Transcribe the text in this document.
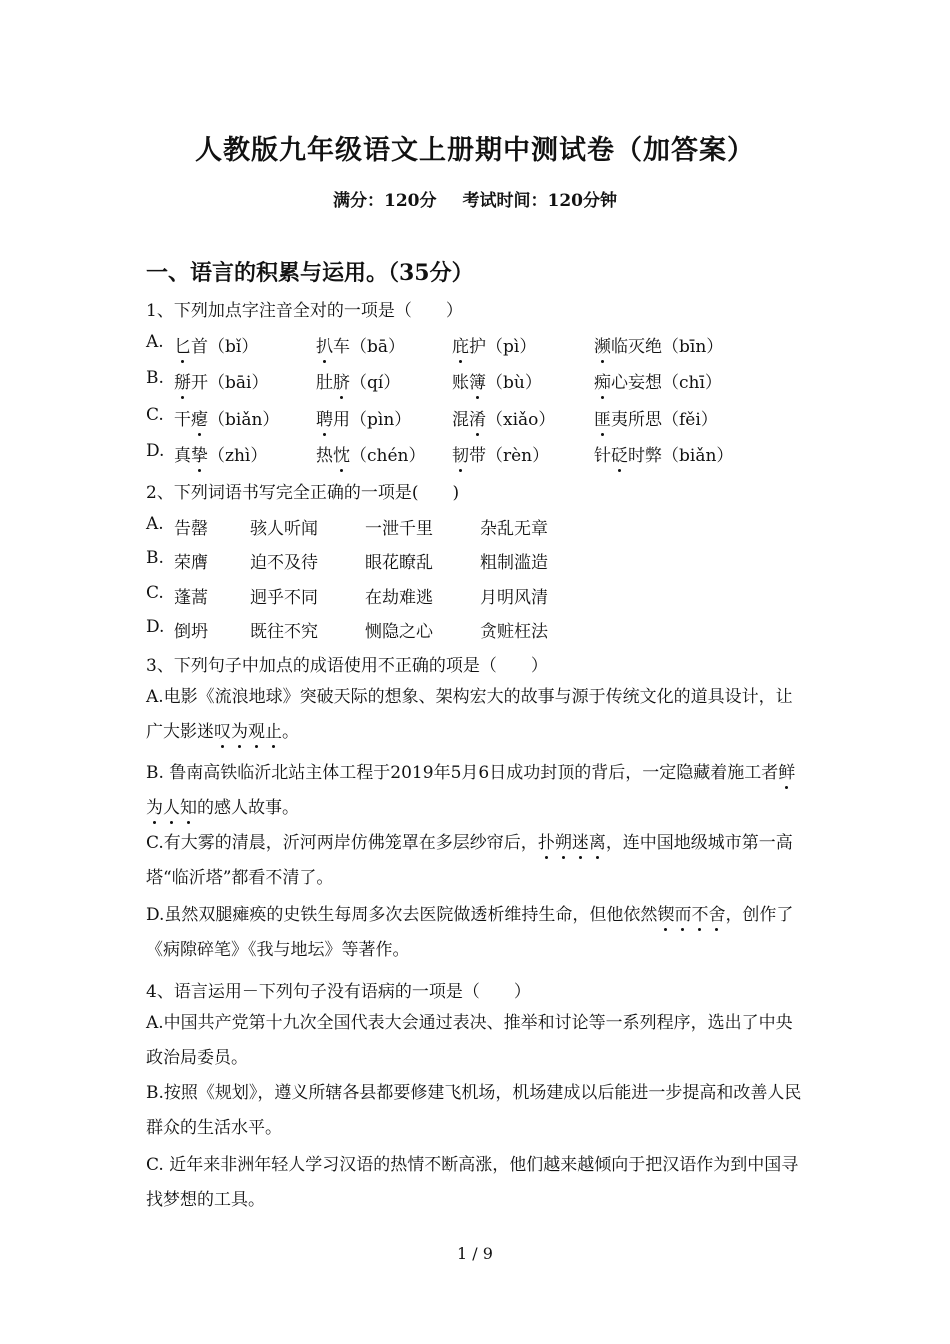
人教版九年级语文上册期中测试卷（加答案）
满分：120分 考试时间：120分钟
一、语言的积累与运用。（35分）
1、下列加点字注音全对的一项是（　　）
A. 匕首（bǐ）	扒车（bā）	庇护（pì）	濒临灭绝（bīn）
B. 掰开（bāi）	肚脐（qí）	账簿（bù）	痴心妄想（chī）
C. 干瘪（biǎn） 聘用（pìn） 混淆（xiǎo） 匪夷所思（fěi）
D. 真挚（zhì）	热忱（chén） 韧带（rèn）	针砭时弊（biǎn）
2、下列词语书写完全正确的一项是(　　)
A. 告罄 骇人听闻	一泄千里	杂乱无章
B. 荣膺 迫不及待	眼花瞭乱	粗制滥造
C. 蓬蒿 迥乎不同	在劫难逃	月明风清
D. 倒坍 既往不究	恻隐之心	贪赃枉法
3、下列句子中加点的成语使用不正确的项是（　　）
A.电影《流浪地球》突破天际的想象、架构宏大的故事与源于传统文化的道具设计，让广大影迷叹为观止。
B. 鲁南高铁临沂北站主体工程于2019年5月6日成功封顶的背后，一定隐藏着施工者鲜为人知的感人故事。
C.有大雾的清晨，沂河两岸仿佛笼罩在多层纱帘后，扑朔迷离，连中国地级城市第一高塔“临沂塔”都看不清了。
D.虽然双腿瘫痪的史铁生每周多次去医院做透析维持生命，但他依然锲而不舍，创作了《病隙碎笔》《我与地坛》等著作。
4、语言运用－下列句子没有语病的一项是（　　）
A.中国共产党第十九次全国代表大会通过表决、推举和讨论等一系列程序，选出了中央政治局委员。
B.按照《规划》，遵义所辖各县都要修建飞机场，机场建成以后能进一步提高和改善人民群众的生活水平。
C. 近年来非洲年轻人学习汉语的热情不断高涨，他们越来越倾向于把汉语作为到中国寻找梦想的工具。
1 / 9
